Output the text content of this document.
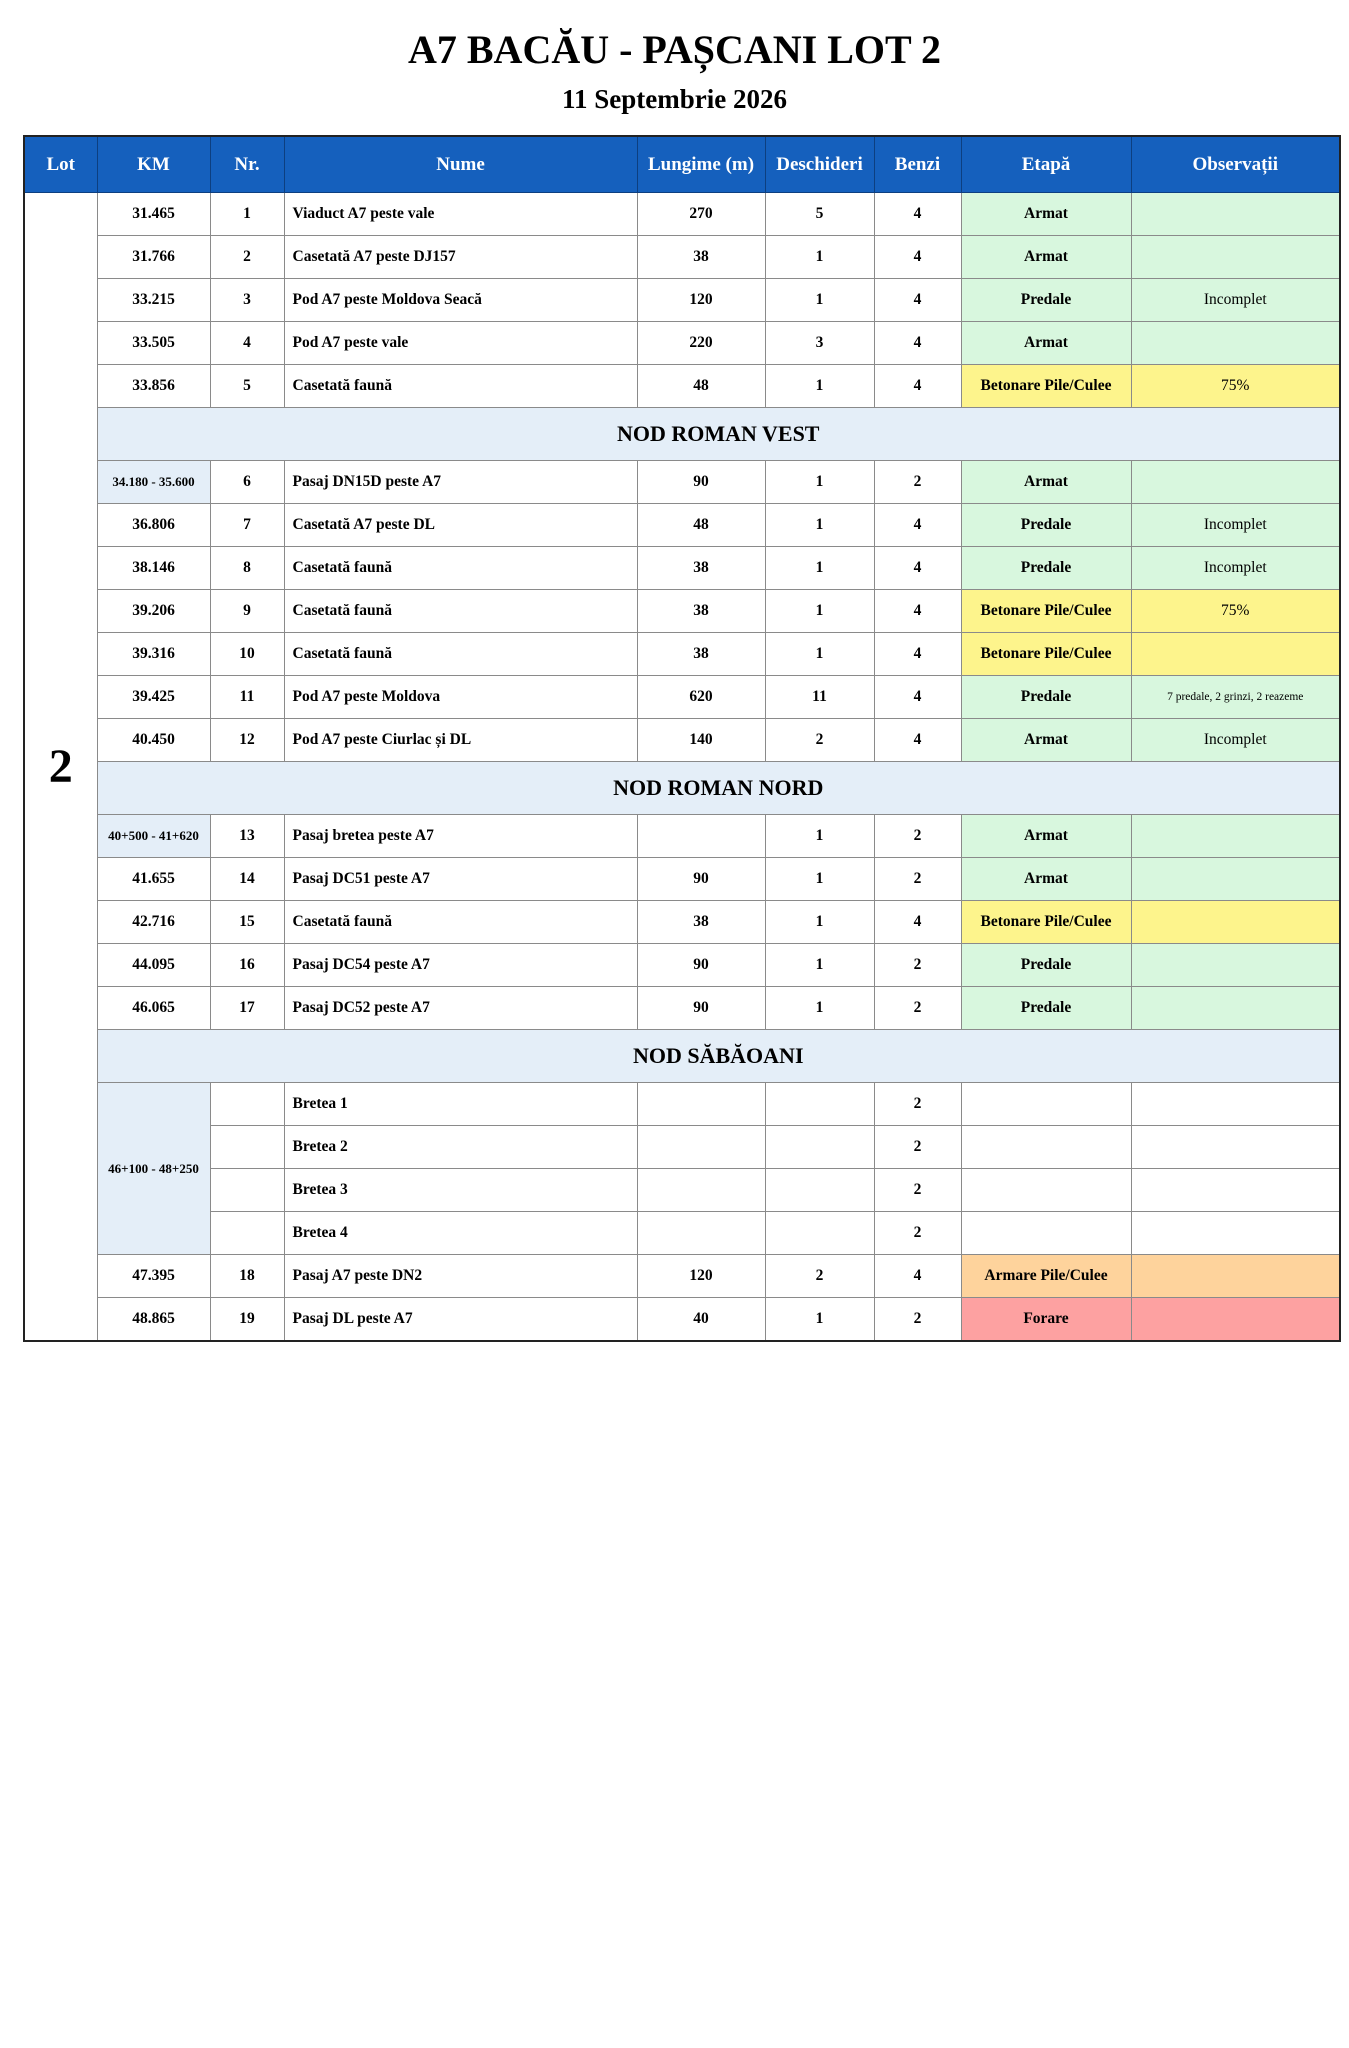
A7 BACĂU - PAȘCANI LOT 2
11 Septembrie 2026
Lot	KM	Nr.	Nume	Lungime (m)	Deschideri	Benzi	Etapă	Observații
2	31.465	1	Viaduct A7 peste vale	270	5	4	Armat	
	31.766	2	Casetată A7 peste DJ157	38	1	4	Armat	
	33.215	3	Pod A7 peste Moldova Seacă	120	1	4	Predale	Incomplet
	33.505	4	Pod A7 peste vale	220	3	4	Armat	
	33.856	5	Casetată faună	48	1	4	Betonare Pile/Culee	75%
	NOD ROMAN VEST							
	34.180 - 35.600	6	Pasaj DN15D peste A7	90	1	2	Armat	
	36.806	7	Casetată A7 peste DL	48	1	4	Predale	Incomplet
	38.146	8	Casetată faună	38	1	4	Predale	Incomplet
	39.206	9	Casetată faună	38	1	4	Betonare Pile/Culee	75%
	39.316	10	Casetată faună	38	1	4	Betonare Pile/Culee	
	39.425	11	Pod A7 peste Moldova	620	11	4	Predale	7 predale, 2 grinzi, 2 reazeme
	40.450	12	Pod A7 peste Ciurlac și DL	140	2	4	Armat	Incomplet
	NOD ROMAN NORD							
	40+500 - 41+620	13	Pasaj bretea peste A7		1	2	Armat	
	41.655	14	Pasaj DC51 peste A7	90	1	2	Armat	
	42.716	15	Casetată faună	38	1	4	Betonare Pile/Culee	
	44.095	16	Pasaj DC54 peste A7	90	1	2	Predale	
	46.065	17	Pasaj DC52 peste A7	90	1	2	Predale	
	NOD SĂBĂOANI							
	46+100 - 48+250		Bretea 1			2		
			Bretea 2			2		
			Bretea 3			2		
			Bretea 4			2		
	47.395	18	Pasaj A7 peste DN2	120	2	4	Armare Pile/Culee	
	48.865	19	Pasaj DL peste A7	40	1	2	Forare	
